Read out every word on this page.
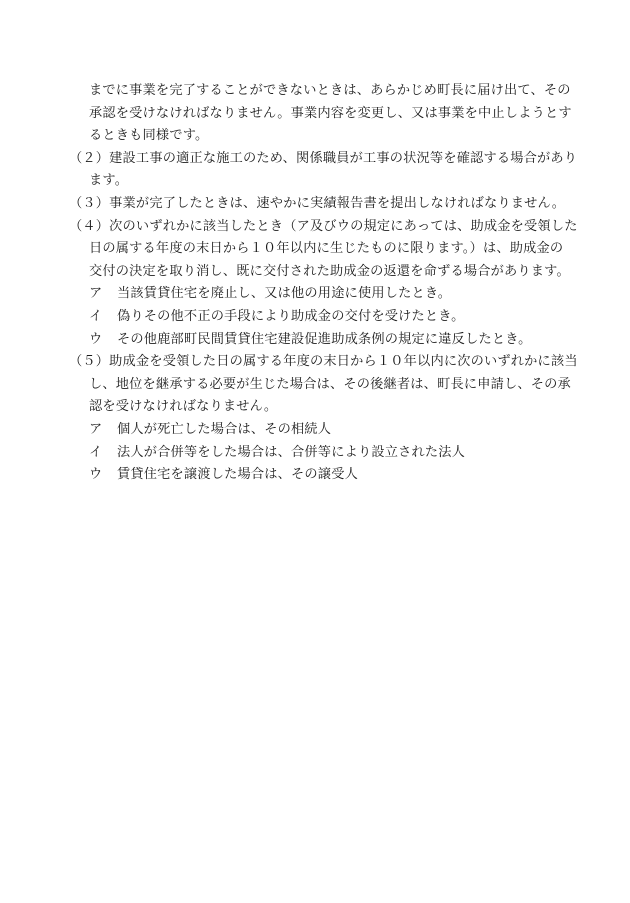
までに事業を完了することができないときは、あらかじめ町長に届け出て、その
承認を受けなければなりません。事業内容を変更し、又は事業を中止しようとす
るときも同様です。
（２）建設工事の適正な施工のため、関係職員が工事の状況等を確認する場合があり
ます。
（３）事業が完了したときは、速やかに実績報告書を提出しなければなりません。
（４）次のいずれかに該当したとき（ア及びウの規定にあっては、助成金を受領した
日の属する年度の末日から１０年以内に生じたものに限ります。）は、助成金の
交付の決定を取り消し、既に交付された助成金の返還を命ずる場合があります。
ア 当該賃貸住宅を廃止し、又は他の用途に使用したとき。
イ 偽りその他不正の手段により助成金の交付を受けたとき。
ウ その他鹿部町民間賃貸住宅建設促進助成条例の規定に違反したとき。
（５）助成金を受領した日の属する年度の末日から１０年以内に次のいずれかに該当
し、地位を継承する必要が生じた場合は、その後継者は、町長に申請し、その承
認を受けなければなりません。
ア 個人が死亡した場合は、その相続人
イ 法人が合併等をした場合は、合併等により設立された法人
ウ 賃貸住宅を譲渡した場合は、その譲受人
